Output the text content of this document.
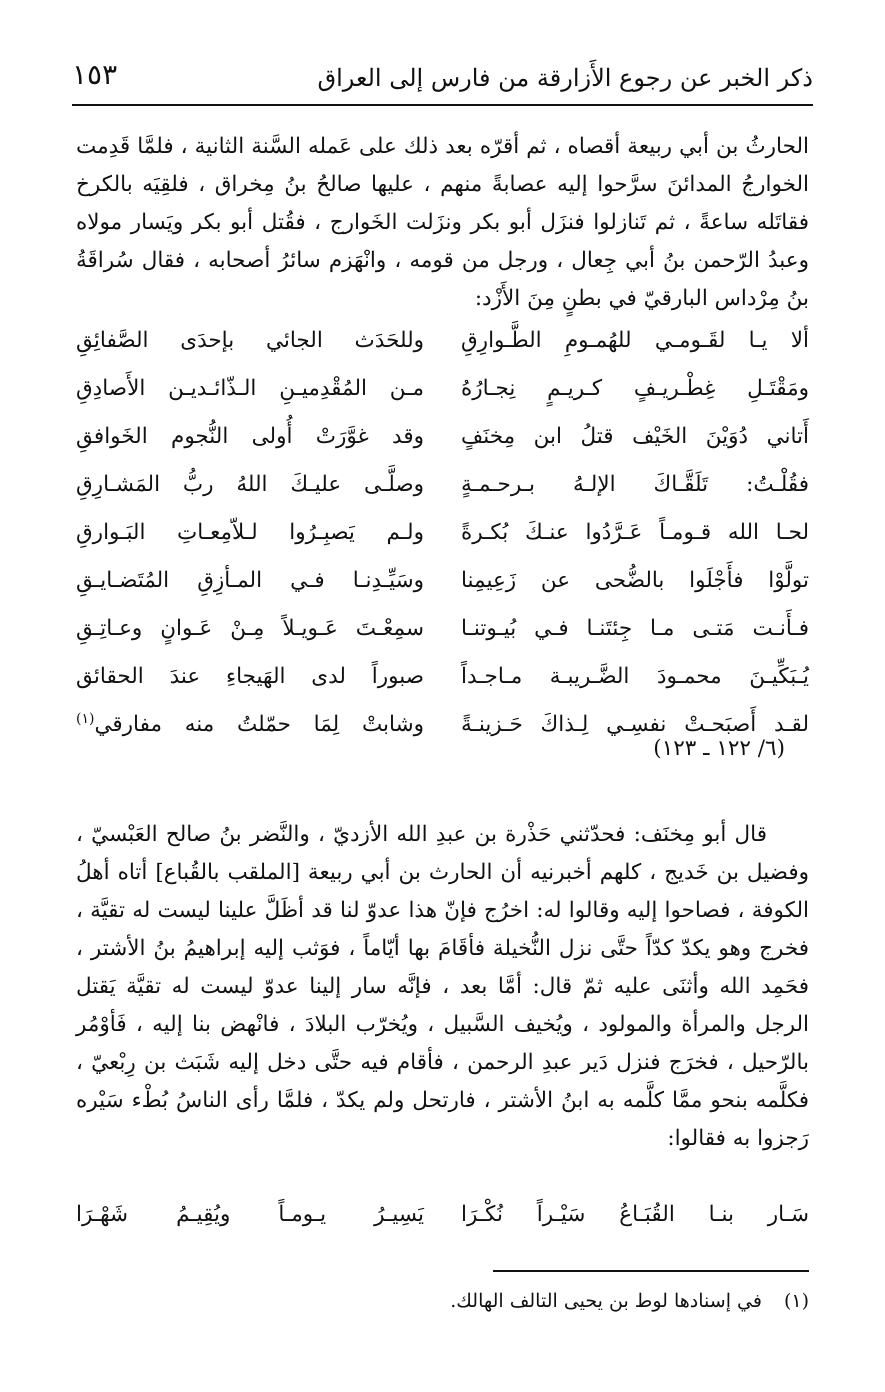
ذكر الخبر عن رجوع الأَزارقة من فارس إلى العراق
١٥٣

الحارثُ بن أبي ربيعة أقصاه ، ثم أقرّه بعد ذلك على عَمله السَّنة الثانية ، فلمَّا قَدِمت الخوارجُ المدائنَ سرَّحوا إليه عصابةً منهم ، عليها صالحُ بنُ مِخراق ، فلقِيَه بالكرخ فقاتَله ساعةً ، ثم تَنازلوا فنزَل أبو بكر ونزَلت الخَوارج ، فقُتل أبو بكر ويَسار مولاه وعبدُ الرّحمن بنُ أبي جِعال ، ورجل من قومه ، وانْهَزم سائرُ أصحابه ، فقال سُراقَةُ بنُ مِرْداس البارقيّ في بطنٍ مِنَ الأَزْد:

ألا يـا لقَـومـي للهُمـومِ الطَّـوارِقِ
وللحَدَث الجائي بإحدَى الصَّفائِقِ
ومَقْتَـلِ غِطْـريـفٍ كـريـمٍ نِجـارُهُ
مـن المُقْدِميـنِ الـذّائـديـن الأَصادِقِ
أَتاني دُوَيْنَ الخَيْف قتلُ ابن مِخنَفٍ
وقد غوَّرَتْ أُولى النُّجوم الخَوافقِ
فقُلْـتُ: تَلَقَّـاكَ الإلـهُ بـرحـمـةٍ
وصلَّـى عليـكَ اللهُ ربُّ المَشـارِقِ
لحـا الله قـومـاً عَـرَّدُوا عنـكَ بُكـرةً
ولـم يَصبِـرُوا لـلاّمِعـاتِ البَـوارقِ
تولَّوْا فأَجْلَوا بالضُّحى عن زَعِيمِنا
وسَيِّـدِنـا فـي المـأزِقِ المُتَضـايـقِ
فـأَنـت مَتـى مـا جِئتَنـا فـي بُيـوتنـا
سمِعْـتَ عَـويـلاً مِـنْ عَـوانٍ وعـاتِـقِ
يُـبَكِّيـنَ محمـودَ الضَّـريبـة مـاجـداً
صبوراً لدى الهَيجاءِ عندَ الحقائق
لقـد أَصبَحـتْ نفسِـي لِـذاكَ حَـزينـةً
وشابتْ لِمَا حمّلتُ منه مفارقي$^{(١)}$
(٦/ ١٢٢ ـ ١٢٣)

قال أبو مِخنَف: فحدّثني حَذْرة بن عبدِ الله الأزديّ ، والنَّضر بنُ صالح العَبْسيّ ، وفضيل بن خَديج ، كلهم أخبرنيه أن الحارث بن أبي ربيعة [الملقب بالقُباع] أتاه أهلُ الكوفة ، فصاحوا إليه وقالوا له: اخرُج فإنّ هذا عدوّ لنا قد أظَلَّ علينا ليست له تقيَّة ، فخرج وهو يكدّ كدّاً حتَّى نزل النُّخيلة فأقَامَ بها أيّاماً ، فوَثب إليه إبراهيمُ بنُ الأشتر ، فحَمِد الله وأثنَى عليه ثمّ قال: أمَّا بعد ، فإنَّه سار إلينا عدوّ ليست له تقيَّة يَقتل الرجل والمرأة والمولود ، ويُخيف السَّبيل ، ويُخرّب البلادَ ، فانْهض بنا إليه ، فَأوْمُر بالرّحيل ، فخرَج فنزل دَير عبدِ الرحمن ، فأقام فيه حتَّى دخل إليه شَبَث بن رِبْعيّ ، فكلَّمه بنحو ممَّا كلَّمه به ابنُ الأشتر ، فارتحل ولم يكدّ ، فلمَّا رأى الناسُ بُطْء سَيْره رَجزوا به فقالوا:

سَـار بنـا القُبَـاعُ سَيْـراً نُكْـرَا
يَسِيـرُ يـومـاً ويُقِيـمُ شَهْـرَا
(١)في إسنادها لوط بن يحيى التالف الهالك.
